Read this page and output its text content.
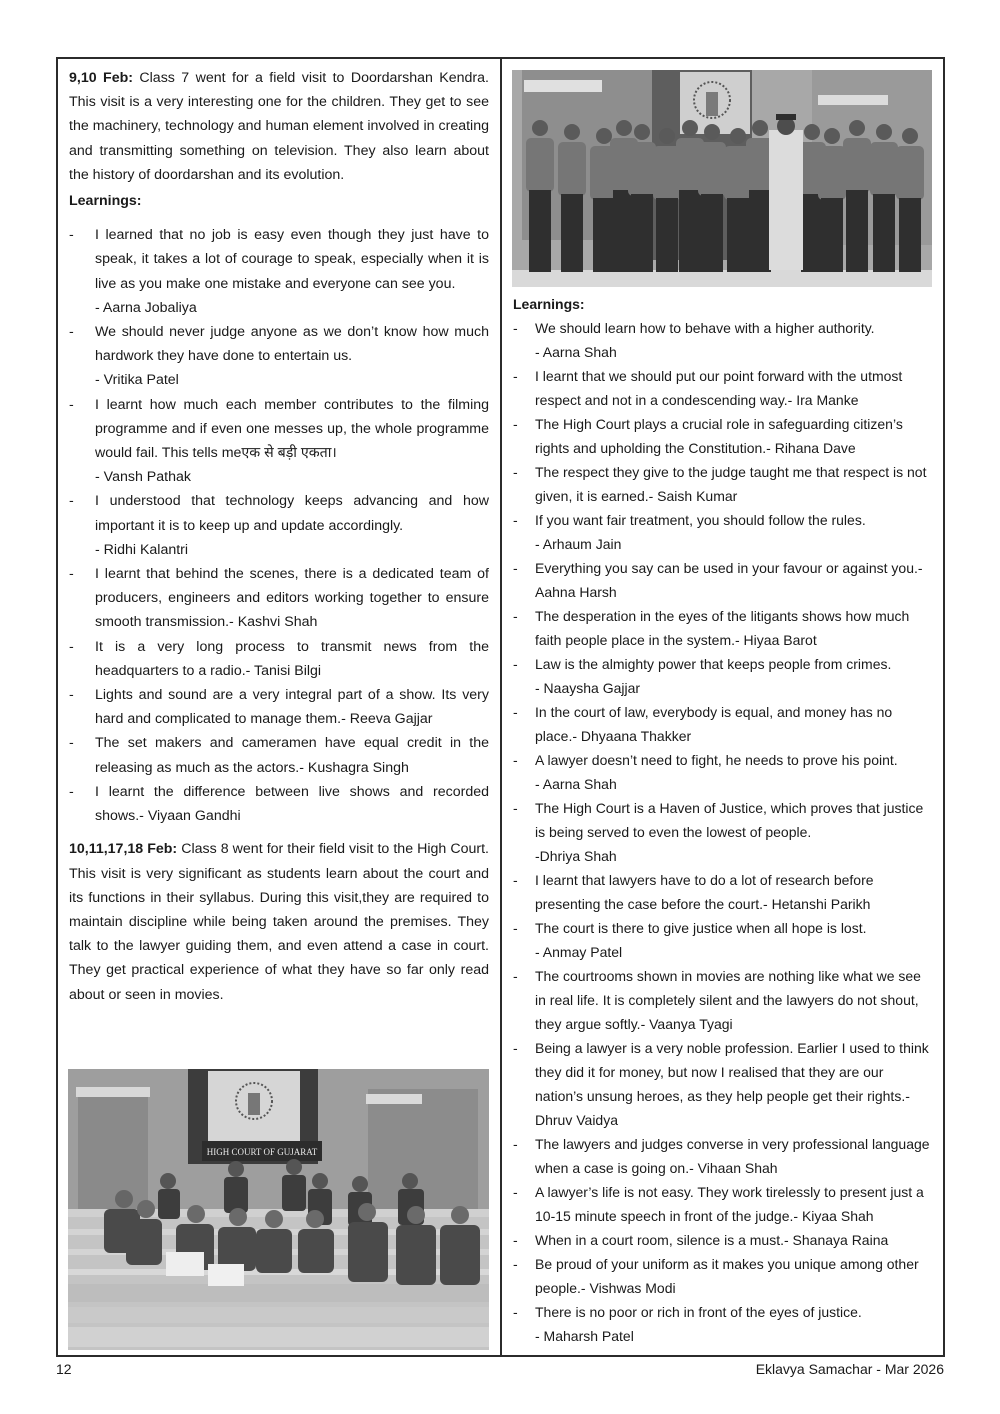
9,10 Feb: Class 7 went for a field visit to Doordarshan Kendra. This visit is a very interesting one for the children. They get to see the machinery, technology and human element involved in creating and transmitting something on television. They also learn about the history of doordarshan and its evolution.

Learnings:
-	I learned that no job is easy even though they just have to speak, it takes a lot of courage to speak, especially when it is live as you make one mistake and everyone can see you.
- Aarna Jobaliya
-	We should never judge anyone as we don’t know how much hardwork they have done to entertain us.
- Vritika Patel
-	I learnt how much each member contributes to the filming programme and if even one messes up, the whole programme would fail. This tells meएक से बड़ी एकता।
- Vansh Pathak
-	I understood that technology keeps advancing and how important it is to keep up and update accordingly.
- Ridhi Kalantri
-	I learnt that behind the scenes, there is a dedicated team of producers, engineers and editors working together to ensure smooth transmission.- Kashvi Shah
-	It is a very long process to transmit news from the headquarters to a radio.- Tanisi Bilgi
-	Lights and sound are a very integral part of a show. Its very hard and complicated to manage them.- Reeva Gajjar
-	The set makers and cameramen have equal credit in the releasing as much as the actors.- Kushagra Singh
-	I learnt the difference between live shows and recorded shows.- Viyaan Gandhi

10,11,17,18 Feb: Class 8 went for their field visit to the High Court. This visit is very significant as students learn about the court and its functions in their syllabus. During this visit,they are required to maintain discipline while being taken around the premises. They talk to the lawyer guiding them, and even attend a case in court. They get practical experience of what they have so far only read about or seen in movies.

HIGH COURT OF GUJARAT
Learnings:
-	We should learn how to behave with a higher authority.
- Aarna Shah
-	I learnt that we should put our point forward with the utmost respect and not in a condescending way.- Ira Manke
-	The High Court plays a crucial role in safeguarding citizen’s rights and upholding the Constitution.- Rihana Dave
-	The respect they give to the judge taught me that respect is not given, it is earned.- Saish Kumar
-	If you want fair treatment, you should follow the rules.
- Arhaum Jain
-	Everything you say can be used in your favour or against you.- Aahna Harsh
-	The desperation in the eyes of the litigants shows how much faith people place in the system.- Hiyaa Barot
-	Law is the almighty power that keeps people from crimes.
- Naaysha Gajjar
-	In the court of law, everybody is equal, and money has no place.- Dhyaana Thakker
-	A lawyer doesn’t need to fight, he needs to prove his point.
- Aarna Shah
-	The High Court is a Haven of Justice, which proves that justice is being served to even the lowest of people.
-Dhriya Shah
-	I learnt that lawyers have to do a lot of research before presenting the case before the court.- Hetanshi Parikh
-	The court is there to give justice when all hope is lost.
- Anmay Patel
-	The courtrooms shown in movies are nothing like what we see in real life. It is completely silent and the lawyers do not shout, they argue softly.- Vaanya Tyagi
-	Being a lawyer is a very noble profession. Earlier I used to think they did it for money, but now I realised that they are our nation’s unsung heroes, as they help people get their rights.- Dhruv Vaidya
-	The lawyers and judges converse in very professional language when a case is going on.- Vihaan Shah
-	A lawyer’s life is not easy. They work tirelessly to present just a 10-15 minute speech in front of the judge.- Kiyaa Shah
-	When in a court room, silence is a must.- Shanaya Raina
-	Be proud of your uniform as it makes you unique among other people.- Vishwas Modi
-	There is no poor or rich in front of the eyes of justice.
- Maharsh Patel
12	Eklavya Samachar - Mar 2026
